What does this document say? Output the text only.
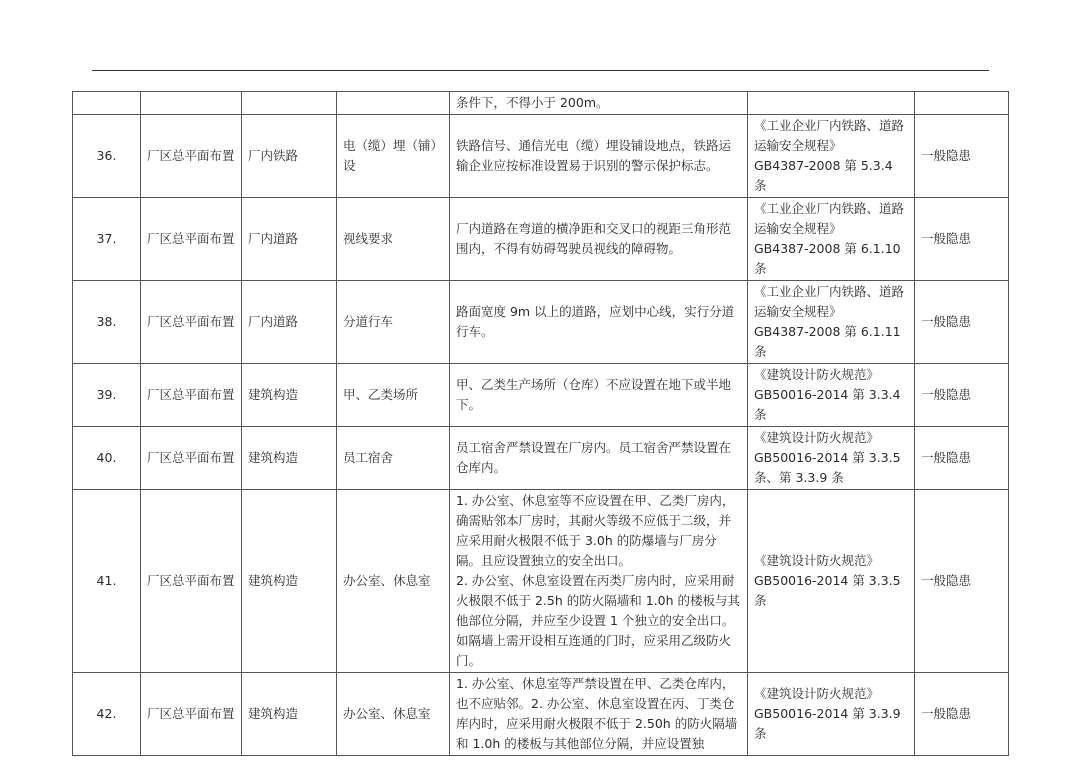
				条件下，不得小于 200m。		
36.	厂区总平面布置	厂内铁路	电（缆）埋（铺）设	铁路信号、通信光电（缆）埋设铺设地点，铁路运输企业应按标准设置易于识别的警示保护标志。	《工业企业厂内铁路、道路运输安全规程》
GB4387-2008 第 5.3.4 条	一般隐患
37.	厂区总平面布置	厂内道路	视线要求	厂内道路在弯道的横净距和交叉口的视距三角形范围内，不得有妨碍驾驶员视线的障碍物。	《工业企业厂内铁路、道路运输安全规程》
GB4387-2008 第 6.1.10 条	一般隐患
38.	厂区总平面布置	厂内道路	分道行车	路面宽度 9m 以上的道路，应划中心线，实行分道行车。	《工业企业厂内铁路、道路运输安全规程》
GB4387-2008 第 6.1.11 条	一般隐患
39.	厂区总平面布置	建筑构造	甲、乙类场所	甲、乙类生产场所（仓库）不应设置在地下或半地下。	《建筑设计防火规范》
GB50016-2014 第 3.3.4 条	一般隐患
40.	厂区总平面布置	建筑构造	员工宿舍	员工宿舍严禁设置在厂房内。员工宿舍严禁设置在仓库内。	《建筑设计防火规范》
GB50016-2014 第 3.3.5 条、第 3.3.9 条	一般隐患
41.	厂区总平面布置	建筑构造	办公室、休息室	1. 办公室、休息室等不应设置在甲、乙类厂房内，确需贴邻本厂房时，其耐火等级不应低于二级，并应采用耐火极限不低于 3.0h 的防爆墙与厂房分隔。且应设置独立的安全出口。
2. 办公室、休息室设置在丙类厂房内时，应采用耐火极限不低于 2.5h 的防火隔墙和 1.0h 的楼板与其他部位分隔，并应至少设置 1 个独立的安全出口。如隔墙上需开设相互连通的门时，应采用乙级防火门。	《建筑设计防火规范》
GB50016-2014 第 3.3.5 条	一般隐患
42.	厂区总平面布置	建筑构造	办公室、休息室	1. 办公室、休息室等严禁设置在甲、乙类仓库内，也不应贴邻。2. 办公室、休息室设置在丙、丁类仓库内时，应采用耐火极限不低于 2.50h 的防火隔墙和 1.0h 的楼板与其他部位分隔，并应设置独	《建筑设计防火规范》
GB50016-2014 第 3.3.9 条	一般隐患
